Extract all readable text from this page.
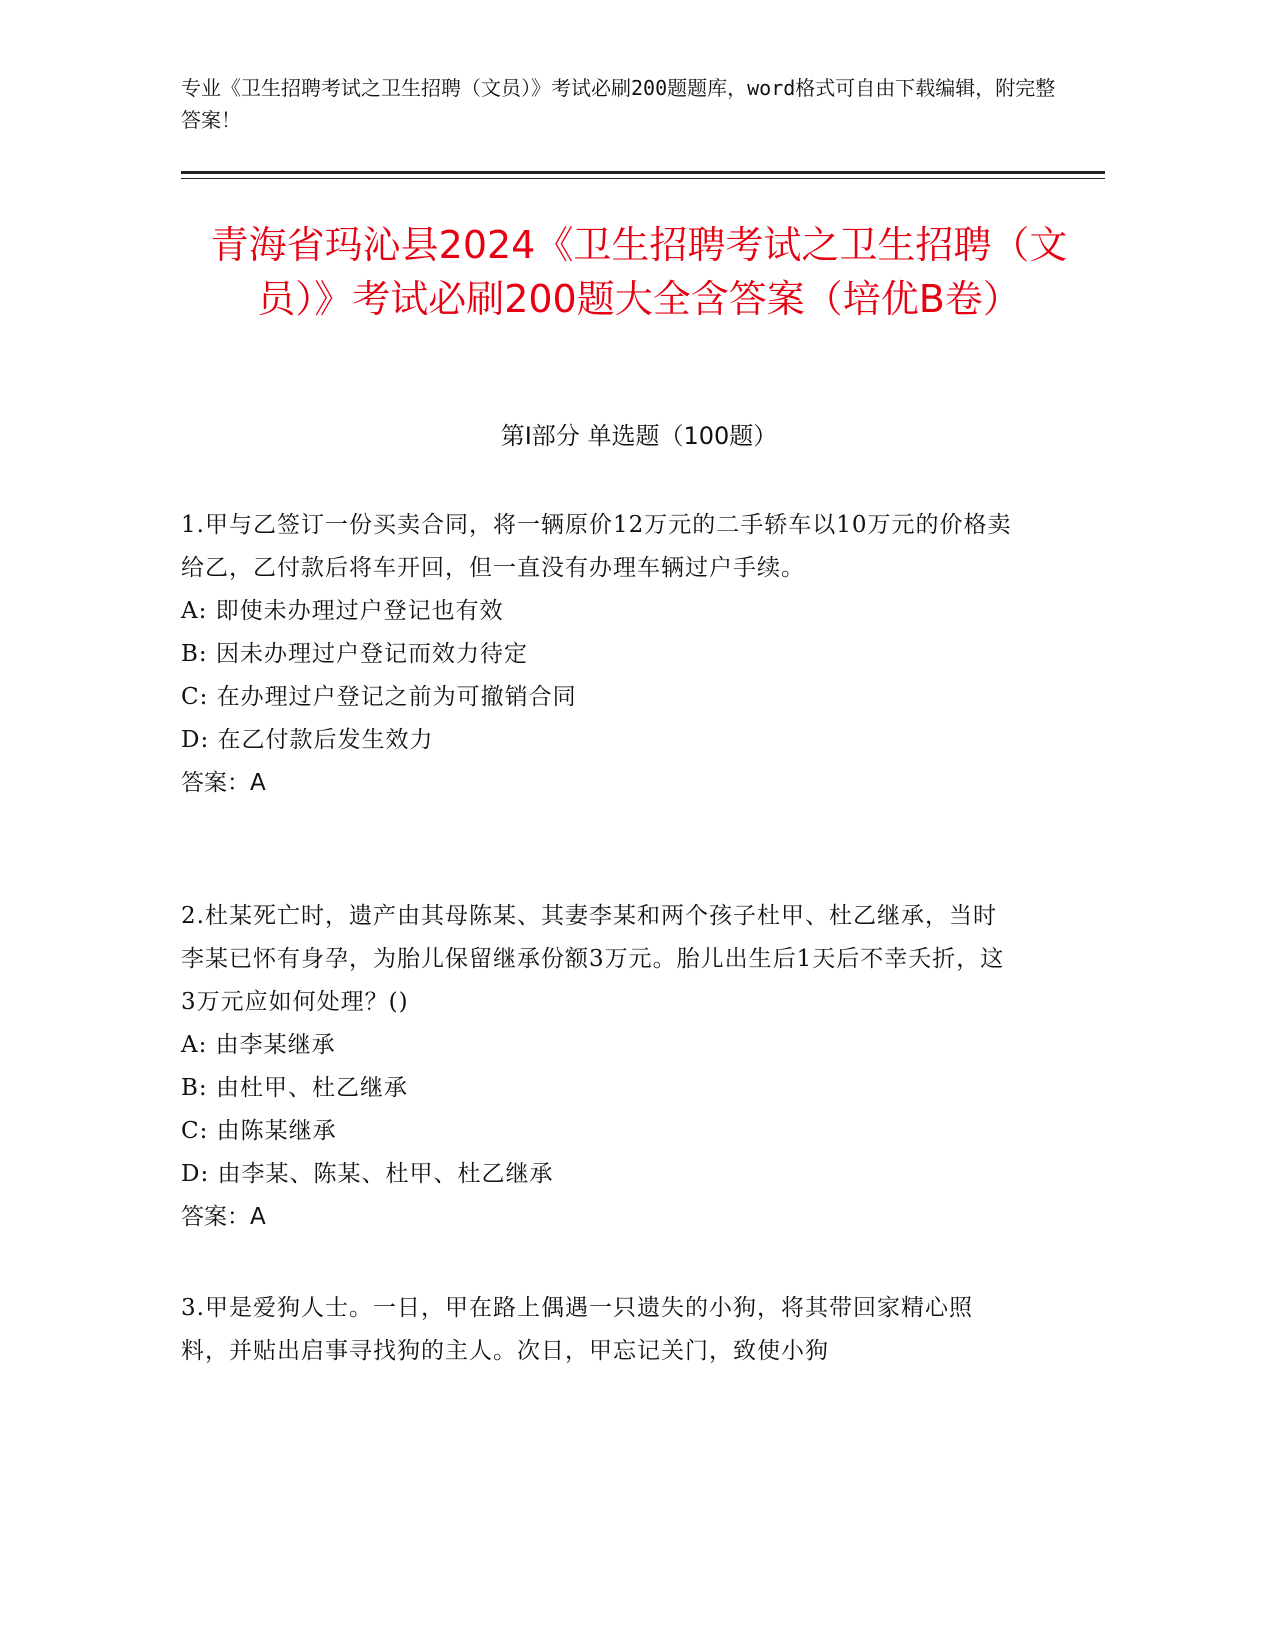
专业《卫生招聘考试之卫生招聘（文员）》考试必刷200题题库，word格式可自由下载编辑，附完整答案！
青海省玛沁县2024《卫生招聘考试之卫生招聘（文员）》考试必刷200题大全含答案（培优B卷）
第I部分 单选题（100题）

1.甲与乙签订一份买卖合同，将一辆原价12万元的二手轿车以10万元的价格卖给乙，乙付款后将车开回，但一直没有办理车辆过户手续。

A: 即使未办理过户登记也有效

B: 因未办理过户登记而效力待定

C: 在办理过户登记之前为可撤销合同

D: 在乙付款后发生效力

答案：A

2.杜某死亡时，遗产由其母陈某、其妻李某和两个孩子杜甲、杜乙继承，当时李某已怀有身孕，为胎儿保留继承份额3万元。胎儿出生后1天后不幸夭折，这3万元应如何处理？()

A: 由李某继承

B: 由杜甲、杜乙继承

C: 由陈某继承

D: 由李某、陈某、杜甲、杜乙继承

答案：A

3.甲是爱狗人士。一日，甲在路上偶遇一只遗失的小狗，将其带回家精心照料，并贴出启事寻找狗的主人。次日，甲忘记关门，致使小狗
